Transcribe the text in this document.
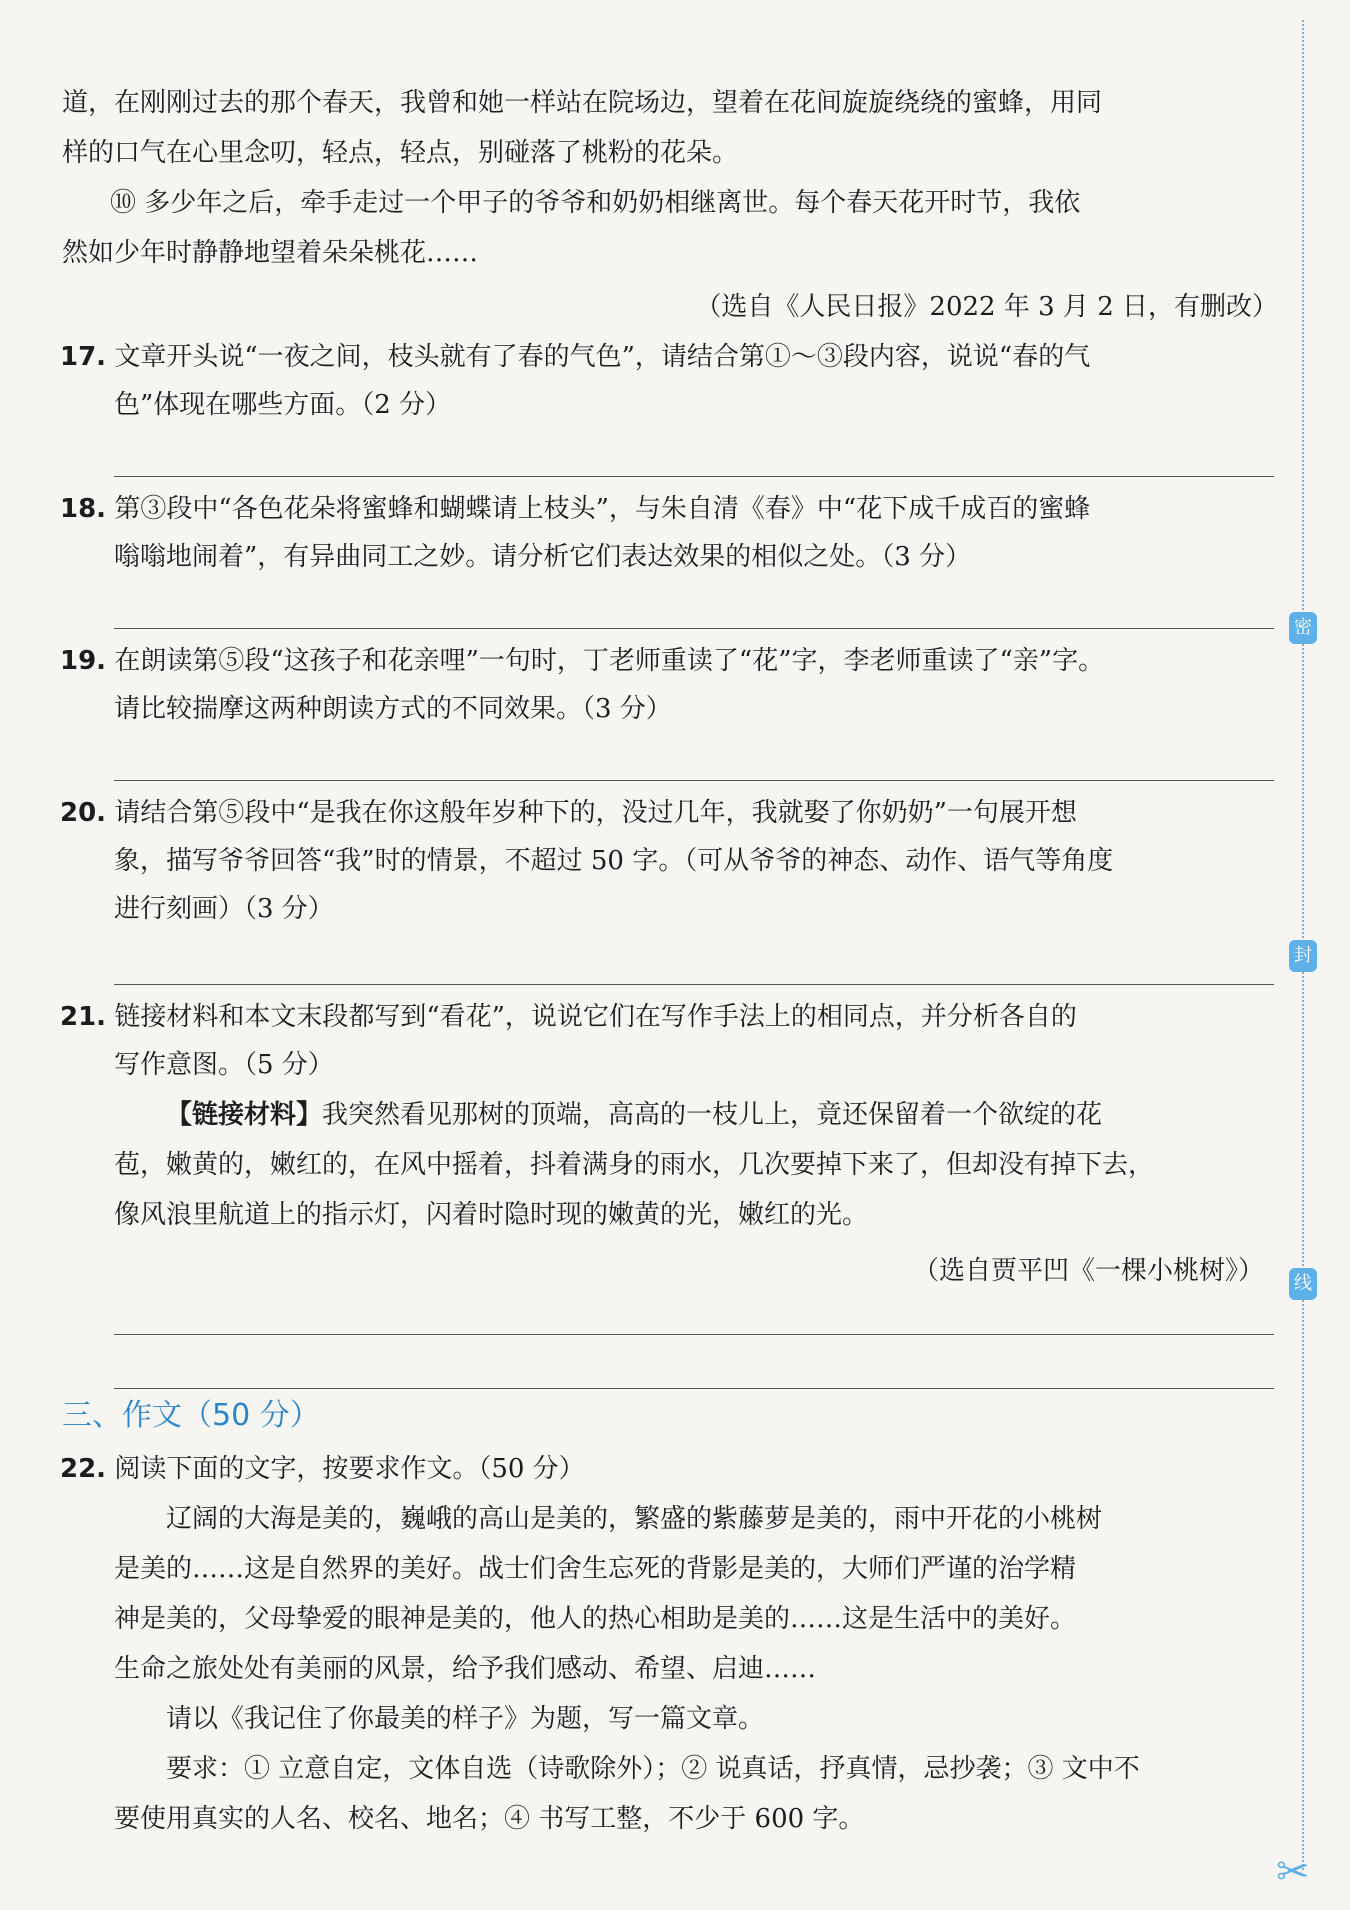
道，在刚刚过去的那个春天，我曾和她一样站在院场边，望着在花间旋旋绕绕的蜜蜂，用同
样的口气在心里念叨，轻点，轻点，别碰落了桃粉的花朵。
⑩ 多少年之后，牵手走过一个甲子的爷爷和奶奶相继离世。每个春天花开时节，我依
然如少年时静静地望着朵朵桃花……
（选自《人民日报》2022 年 3 月 2 日，有删改）
17. 文章开头说“一夜之间，枝头就有了春的气色”，请结合第①～③段内容，说说“春的气
色”体现在哪些方面。（2 分）
18. 第③段中“各色花朵将蜜蜂和蝴蝶请上枝头”，与朱自清《春》中“花下成千成百的蜜蜂
嗡嗡地闹着”，有异曲同工之妙。请分析它们表达效果的相似之处。（3 分）
19. 在朗读第⑤段“这孩子和花亲哩”一句时，丁老师重读了“花”字，李老师重读了“亲”字。
请比较揣摩这两种朗读方式的不同效果。（3 分）
20. 请结合第⑤段中“是我在你这般年岁种下的，没过几年，我就娶了你奶奶”一句展开想
象，描写爷爷回答“我”时的情景，不超过 50 字。（可从爷爷的神态、动作、语气等角度
进行刻画）（3 分）
21. 链接材料和本文末段都写到“看花”，说说它们在写作手法上的相同点，并分析各自的
写作意图。（5 分）
【链接材料】我突然看见那树的顶端，高高的一枝儿上，竟还保留着一个欲绽的花
苞，嫩黄的，嫩红的，在风中摇着，抖着满身的雨水，几次要掉下来了，但却没有掉下去，
像风浪里航道上的指示灯，闪着时隐时现的嫩黄的光，嫩红的光。
（选自贾平凹《一棵小桃树》）
三、作文（50 分）
22. 阅读下面的文字，按要求作文。（50 分）
辽阔的大海是美的，巍峨的高山是美的，繁盛的紫藤萝是美的，雨中开花的小桃树
是美的……这是自然界的美好。战士们舍生忘死的背影是美的，大师们严谨的治学精
神是美的，父母挚爱的眼神是美的，他人的热心相助是美的……这是生活中的美好。
生命之旅处处有美丽的风景，给予我们感动、希望、启迪……
请以《我记住了你最美的样子》为题，写一篇文章。
要求：① 立意自定，文体自选（诗歌除外）；② 说真话，抒真情，忌抄袭；③ 文中不
要使用真实的人名、校名、地名；④ 书写工整，不少于 600 字。
密
封
线
✂
